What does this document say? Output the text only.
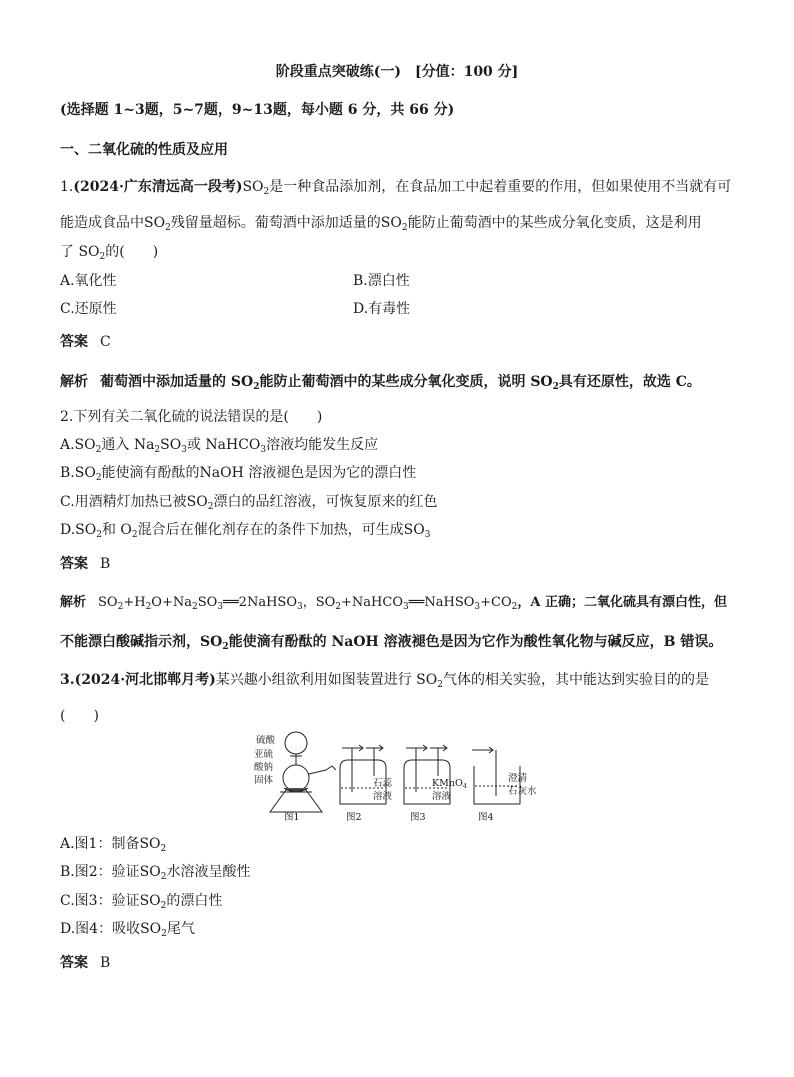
阶段重点突破练(一)　[分值：100 分]
(选择题 1~3题，5~7题，9~13题，每小题 6 分，共 66 分)
一、二氧化硫的性质及应用
1.(2024·广东清远高一段考)$SO_2$是一种食品添加剂，在食品加工中起着重要的作用，但如果使用不当就有可
能造成食品中$SO_2$残留量超标。葡萄酒中添加适量的$SO_2$能防止葡萄酒中的某些成分氧化变质，这是利用
了 $SO_2$的(　　)
A.氧化性	B.漂白性
C.还原性	D.有毒性
答案 C
解析 葡萄酒中添加适量的 $SO_2$能防止葡萄酒中的某些成分氧化变质，说明 $SO_2$具有还原性，故选 C。
2.下列有关二氧化硫的说法错误的是(　　)
$A.SO_2$通入 $Na_2SO_3$或 NaHCO$_3$溶液均能发生反应
$B.SO_2$能使滴有酚酞的NaOH 溶液褪色是因为它的漂白性
C.用酒精灯加热已被$SO_2$漂白的品红溶液，可恢复原来的红色
$D.SO_2$和 $O_2$混合后在催化剂存在的条件下加热，可生成$SO_3$
答案 B
解析 $SO_2+H_2O+Na_2SO_3══2NaHSO_3$，$SO_2+NaHCO_3══NaHSO_3+CO_2$，A 正确；二氧化硫具有漂白性，但
不能漂白酸碱指示剂，$SO_2$能使滴有酚酞的 NaOH 溶液褪色是因为它作为酸性氧化物与碱反应，B 错误。
3.(2024·河北邯郸月考)某兴趣小组欲利用如图装置进行 $SO_2$气体的相关实验，其中能达到实验目的的是
(　　)
硫酸
亚硫
酸钠
固体	石蕊
溶液
KMnO$_4$
溶液
澄清
石灰水
图1	图2	图3	图4
A.图1：制备$SO_2$
B.图2：验证$SO_2$水溶液呈酸性
C.图3：验证$SO_2$的漂白性
D.图4：吸收$SO_2$尾气
答案 B
